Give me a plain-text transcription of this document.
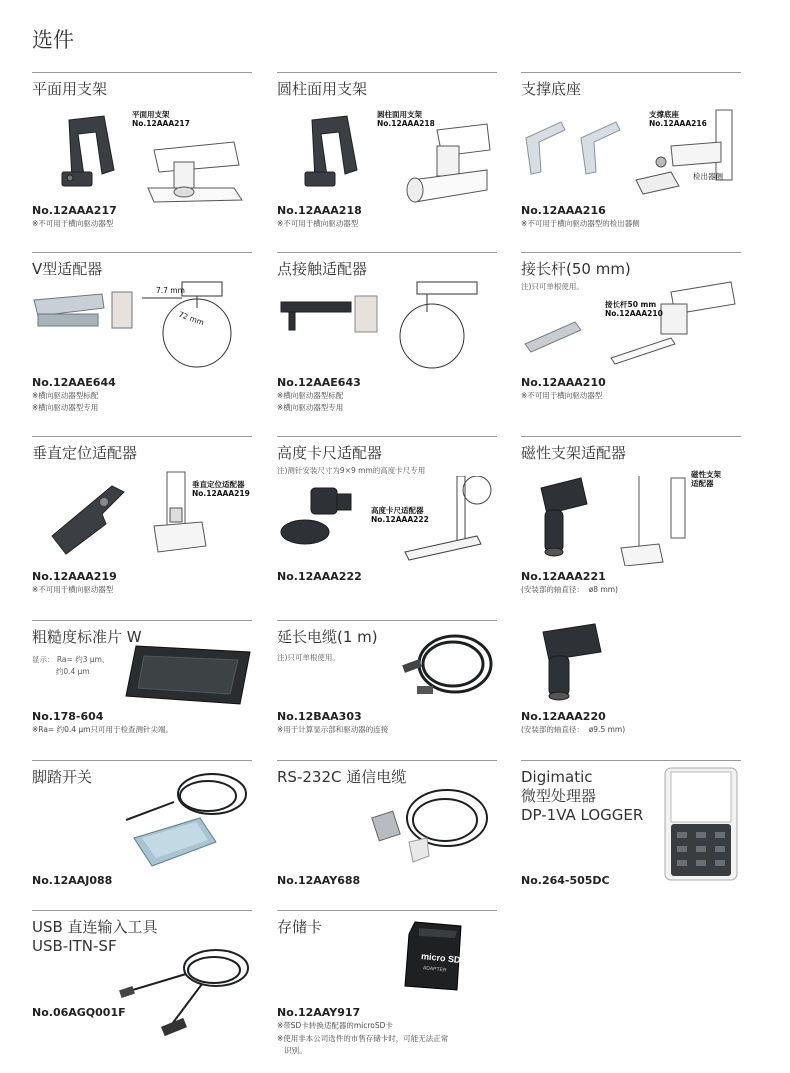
选件
平面用支架
平面用支架
No.12AAA217
No.12AAA217
※不可用于横向驱动器型
圆柱面用支架
圆柱面用支架
No.12AAA218
No.12AAA218
※不可用于横向驱动器型
支撑底座
支撑底座
No.12AAA216
检出器侧
No.12AAA216
※不可用于横向驱动器型的检出器侧
V型适配器
7.7 mm
72 mm
No.12AAE644
※横向驱动器型标配
※横向驱动器型专用
点接触适配器
No.12AAE643
※横向驱动器型标配
※横向驱动器型专用
接长杆(50 mm)
注)只可单根使用。
接长杆50 mm
No.12AAA210
No.12AAA210
※不可用于横向驱动器型
垂直定位适配器
垂直定位适配器
No.12AAA219
No.12AAA219
※不可用于横向驱动器型
高度卡尺适配器
注)测针安装尺寸为9×9 mm的高度卡尺专用
高度卡尺适配器
No.12AAA222
No.12AAA222
磁性支架适配器
磁性支架
适配器
No.12AAA221
(安装部的轴直径：  ø8 mm)
粗糙度标准片 W
显示： Ra= 约3 μm、
约0.4 μm
No.178-604
※Ra= 约0.4 μm只可用于检查测针尖端。
延长电缆(1 m)
注)只可单根使用。
No.12BAA303
※用于计算显示部和驱动器的连接
No.12AAA220
(安装部的轴直径：  ø9.5 mm)
脚踏开关
No.12AAJ088
RS-232C 通信电缆
No.12AAY688
Digimatic
微型处理器
DP-1VA LOGGER
No.264-505DC
USB 直连输入工具
USB-ITN-SF
No.06AGQ001F
存储卡
micro SD
ADAPTER
No.12AAY917
※带SD卡转换适配器的microSD卡
※使用非本公司选件的市售存储卡时，可能无法正常
识别。
